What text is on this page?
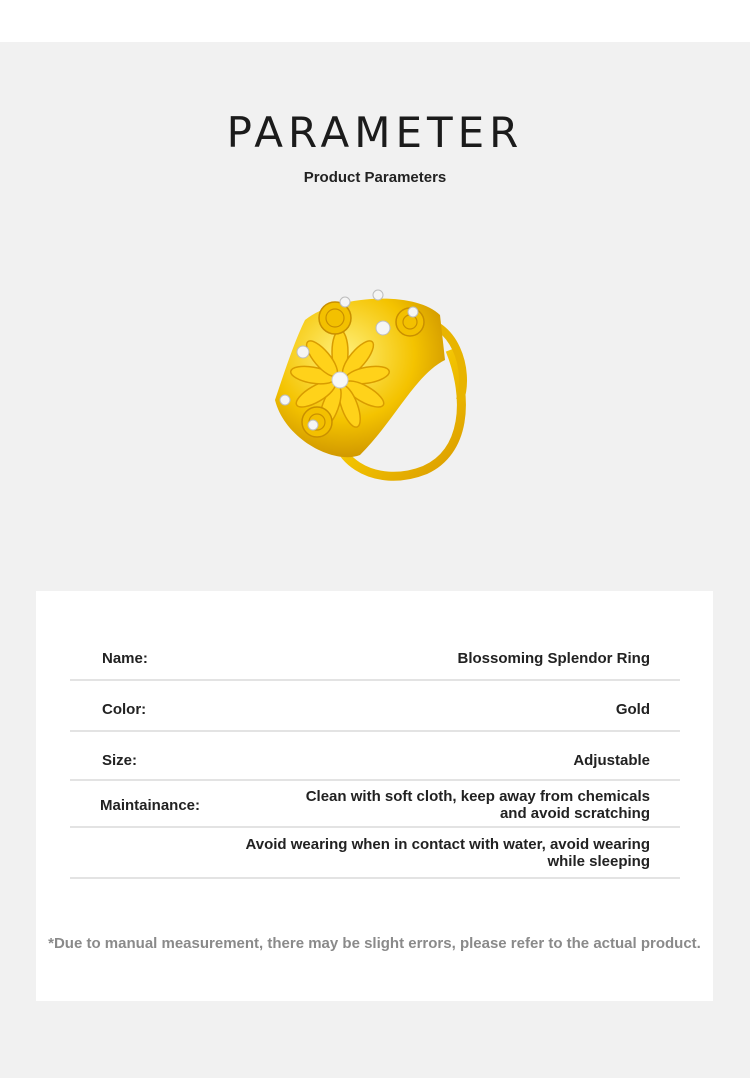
PARAMETER
Product Parameters
Name:	Blossoming Splendor Ring
Color:	Gold
Size:	Adjustable
Maintainance:
Clean with soft cloth, keep away from chemicals and avoid scratching
Avoid wearing when in contact with water, avoid wearing while sleeping
*Due to manual measurement, there may be slight errors, please refer to the actual product.
